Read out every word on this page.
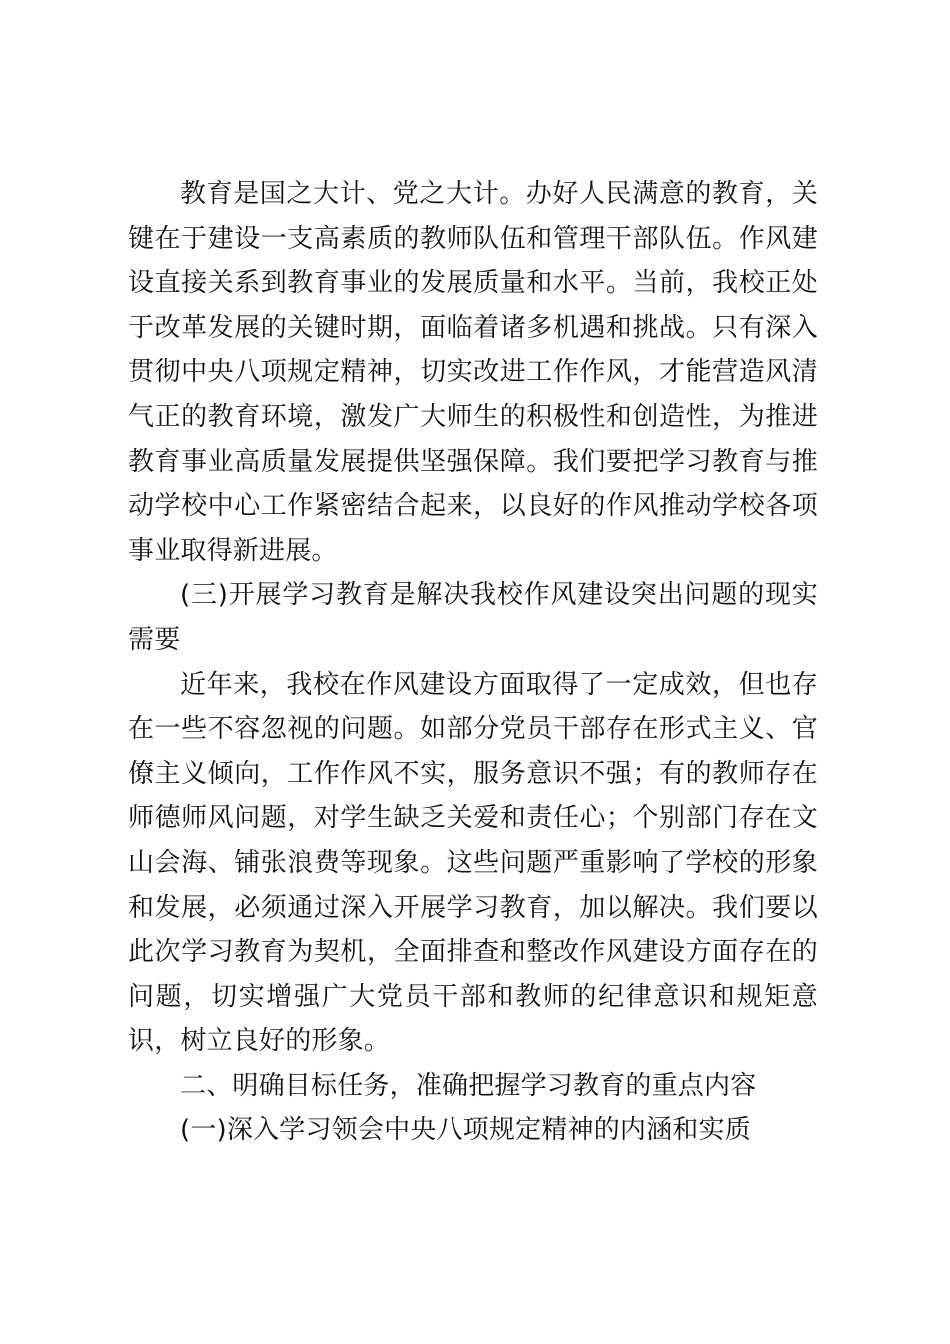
教育是国之大计、党之大计。办好人民满意的教育，关键在于建设一支高素质的教师队伍和管理干部队伍。作风建设直接关系到教育事业的发展质量和水平。当前，我校正处于改革发展的关键时期，面临着诸多机遇和挑战。只有深入贯彻中央八项规定精神，切实改进工作作风，才能营造风清气正的教育环境，激发广大师生的积极性和创造性，为推进教育事业高质量发展提供坚强保障。我们要把学习教育与推动学校中心工作紧密结合起来，以良好的作风推动学校各项事业取得新进展。

(三)开展学习教育是解决我校作风建设突出问题的现实需要

近年来，我校在作风建设方面取得了一定成效，但也存在一些不容忽视的问题。如部分党员干部存在形式主义、官僚主义倾向，工作作风不实，服务意识不强；有的教师存在师德师风问题，对学生缺乏关爱和责任心；个别部门存在文山会海、铺张浪费等现象。这些问题严重影响了学校的形象和发展，必须通过深入开展学习教育，加以解决。我们要以此次学习教育为契机，全面排查和整改作风建设方面存在的问题，切实增强广大党员干部和教师的纪律意识和规矩意识，树立良好的形象。

二、明确目标任务，准确把握学习教育的重点内容

(一)深入学习领会中央八项规定精神的内涵和实质
